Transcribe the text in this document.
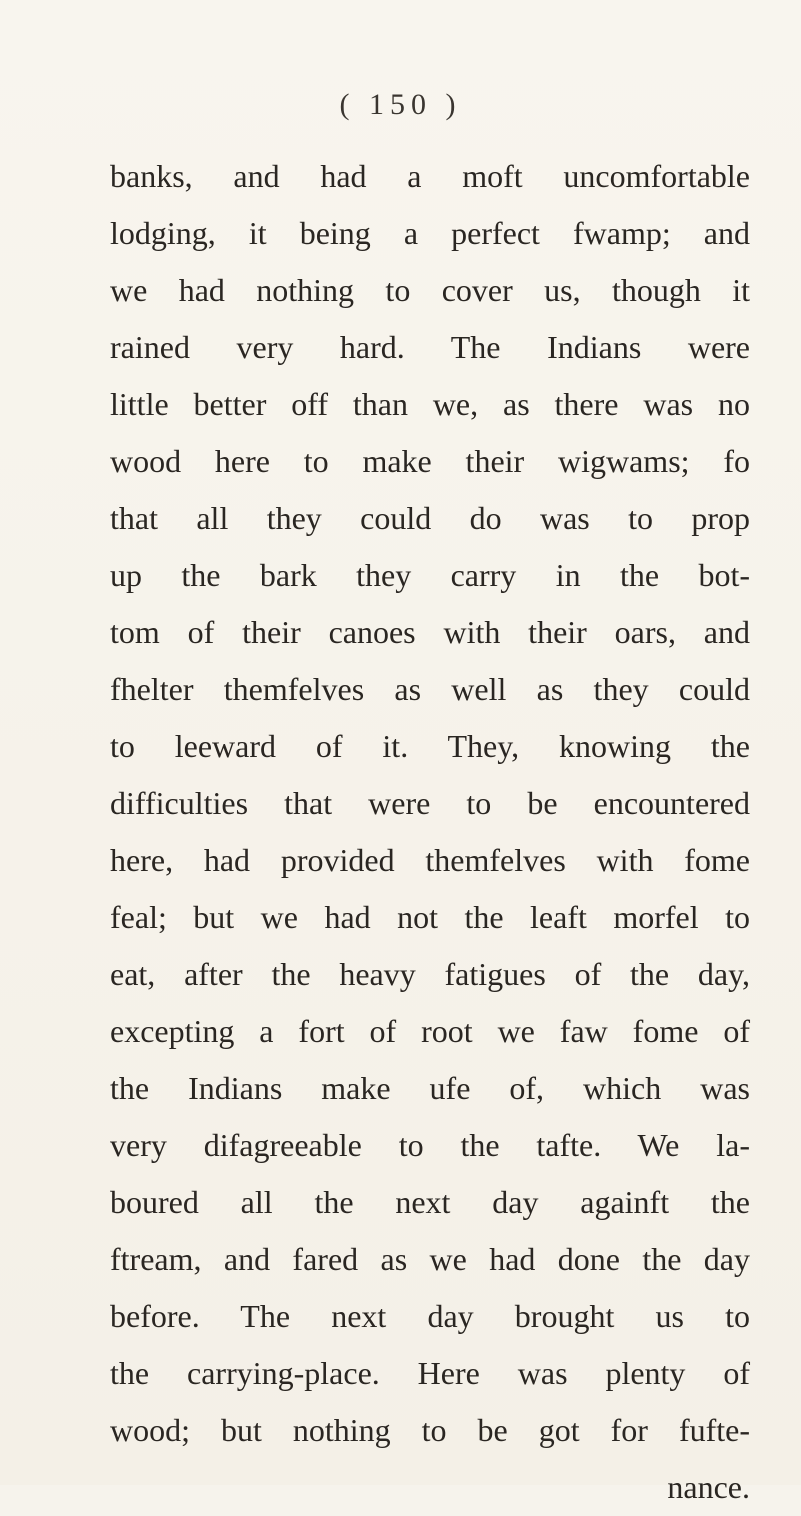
( 150 )
banks, and had a moft uncomfortable
lodging, it being a perfect fwamp; and
we had nothing to cover us, though it
rained very hard. The Indians were
little better off than we, as there was no
wood here to make their wigwams; fo
that all they could do was to prop
up the bark they carry in the bot-
tom of their canoes with their oars, and
fhelter themfelves as well as they could
to leeward of it. They, knowing the
difficulties that were to be encountered
here, had provided themfelves with fome
feal; but we had not the leaft morfel to
eat, after the heavy fatigues of the day,
excepting a fort of root we faw fome of
the Indians make ufe of, which was
very difagreeable to the tafte. We la-
boured all the next day againft the
ftream, and fared as we had done the day
before. The next day brought us to
the carrying-place. Here was plenty of
wood; but nothing to be got for fufte-
nance.
